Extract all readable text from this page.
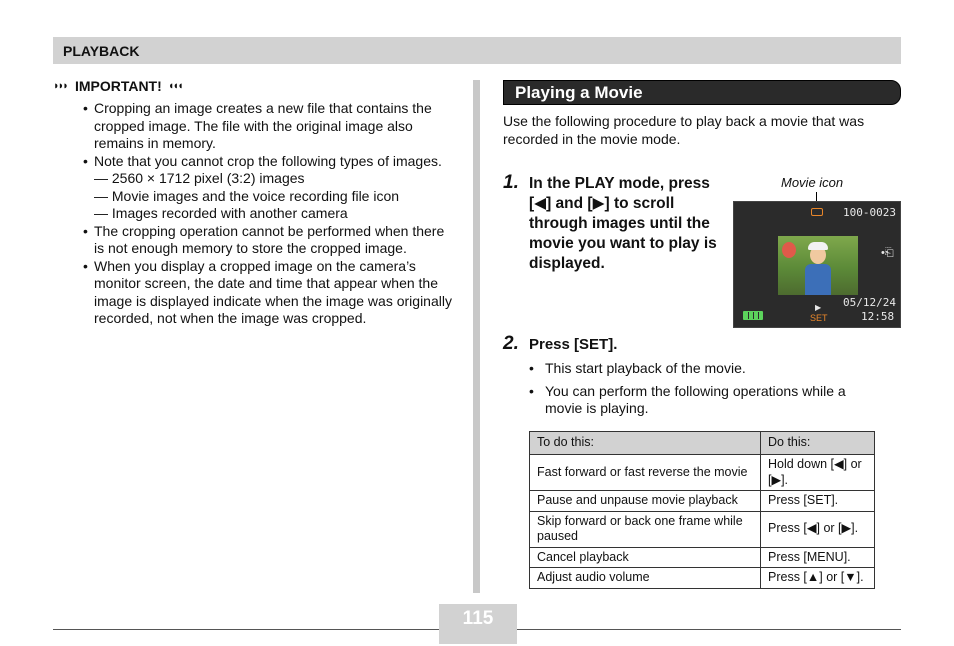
PLAYBACK
◗◗◗ IMPORTANT! ◖◖◖
• Cropping an image creates a new file that contains the cropped image. The file with the original image also remains in memory.
• Note that you cannot crop the following types of images.
— 2560 × 1712 pixel (3:2) images
— Movie images and the voice recording file icon
— Images recorded with another camera
• The cropping operation cannot be performed when there is not enough memory to store the cropped image.
• When you display a cropped image on the camera’s monitor screen, the date and time that appear when the image is displayed indicate when the image was originally recorded, not when the image was cropped.
Playing a Movie
Use the following procedure to play back a movie that was recorded in the movie mode.
1. In the PLAY mode, press [◀] and [▶] to scroll through images until the movie you want to play is displayed.
Movie icon
100-0023
•⎗
▶
SET
05/12/24
12:58
2. Press [SET].
• This start playback of the movie.
• You can perform the following operations while a movie is playing.
To do this:	Do this:
Fast forward or fast reverse the movie	Hold down [◀] or [▶].
Pause and unpause movie playback	Press [SET].
Skip forward or back one frame while paused	Press [◀] or [▶].
Cancel playback	Press [MENU].
Adjust audio volume	Press [▲] or [▼].
115
